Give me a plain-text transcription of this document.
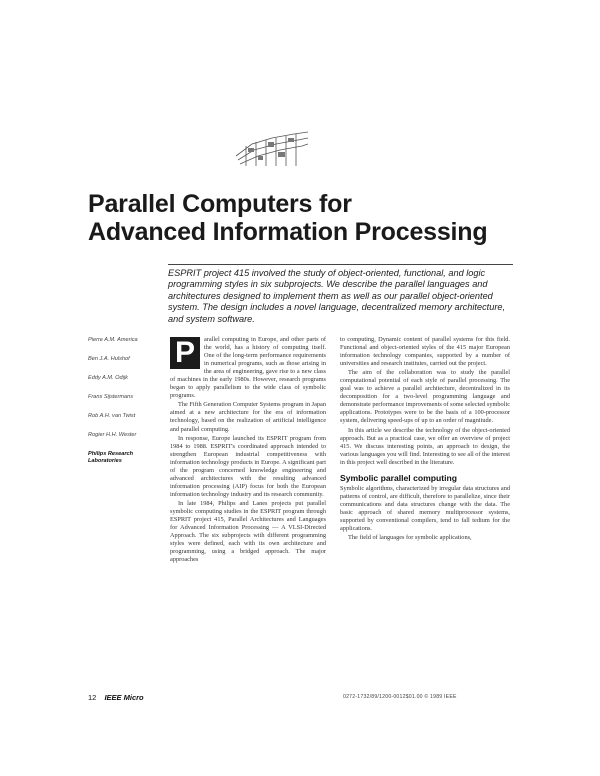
Parallel Computers for
Advanced Information Processing
ESPRIT project 415 involved the study of object-oriented, functional, and logic programming styles in six subprojects. We describe the parallel languages and architectures designed to implement them as well as our parallel object-oriented system. The design includes a novel language, decentralized memory architecture, and system software.
Pierre A.M. America
Ben J.A. Hulshof
Eddy A.M. Odijk
Frans Sijstermans
Rob A.H. van Twist
Rogier H.H. Wester
Philips Research Laboratories

P	arallel computing in Europe, and other parts of the world, has a history of computing itself. One of the long-term performance requirements in numerical programs, such as those arising in the area of engineering, gave rise to a new class of machines in the early 1980s. However, research programs began to apply parallelism to the wide class of symbolic programs.

The Fifth Generation Computer Systems program in Japan aimed at a new architecture for the era of information technology, based on the realization of artificial intelligence and parallel computing.

In response, Europe launched its ESPRIT program from 1984 to 1988. ESPRIT's coordinated approach intended to strengthen European industrial competitiveness with information technology products in Europe. A significant part of the program concerned knowledge engineering and advanced architectures with the resulting advanced information processing (AIP) focus for both the European information technology industry and its research community.

In late 1984, Philips and Lanes projects put parallel symbolic computing studies in the ESPRIT program through ESPRIT project 415, Parallel Architectures and Languages for Advanced Information Processing — A VLSI-Directed Approach. The six subprojects with different programming styles were defined, each with its own architecture and programming, using a bridged approach. The major approaches

to computing, Dynamic content of parallel systems for this field. Functional and object-oriented styles of the 415 major European information technology companies, supported by a number of universities and research institutes, carried out the project.

The aim of the collaboration was to study the parallel computational potential of each style of parallel processing. The goal was to achieve a parallel architecture, decentralized in its decomposition for a two-level programming language and demonstrate performance improvements of some selected symbolic applications. Prototypes were to be the basis of a 100-processor system, delivering speed-ups of up to an order of magnitude.

In this article we describe the technology of the object-oriented approach. But as a practical case, we offer an overview of project 415. We discuss interesting points, an approach to design, the various languages you will find. Interesting to see all of the interest in this project well described in the literature.

Symbolic parallel computing

Symbolic algorithms, characterized by irregular data structures and patterns of control, are difficult, therefore to parallelize, since their communications and data structures change with the data. The basic approach of shared memory multiprocessor systems, supported by conventional compilers, tend to fall tedium for the applications.

The field of languages for symbolic applications,

12 IEEE Micro	0272-1732/89/1200-0012$01.00 © 1989 IEEE
